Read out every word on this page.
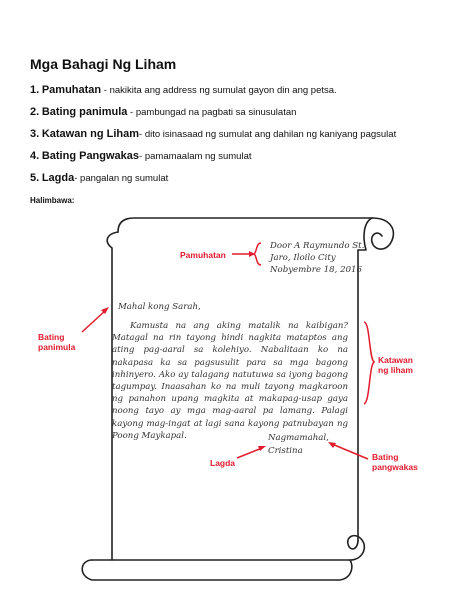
Mga Bahagi Ng Liham
1. Pamuhatan - nakikita ang address ng sumulat gayon din ang petsa.
2. Bating panimula - pambungad na pagbati sa sinusulatan
3. Katawan ng Liham- dito isinasaad ng sumulat ang dahilan ng kaniyang pagsulat
4. Bating Pangwakas- pamamaalam ng sumulat
5. Lagda- pangalan ng sumulat
Halimbawa:
Door A Raymundo St.
Jaro, Iloilo City
Nobyembre 18, 2016
Mahal kong Sarah,
Kamusta na ang aking matalik na kaibigan? Matagal na rin tayong hindi nagkita mataptos ang ating pag-aaral sa kolehiyo. Nabalitaan ko na nakapasa ka sa pagsusulit para sa mga bagong inhinyero. Ako ay talagang natutuwa sa iyong bagong tagumpay. Inaasahan ko na muli tayong magkaroon ng panahon upang magkita at makapag-usap gaya noong tayo ay mga mag-aaral pa lamang. Palagi kayong mag-ingat at lagi sana kayong patnubayan ng Poong Maykapal.	Nagmamahal,
Cristina
Pamuhatan
Bating
panimula
Katawan
ng liham
Lagda
Bating
pangwakas
